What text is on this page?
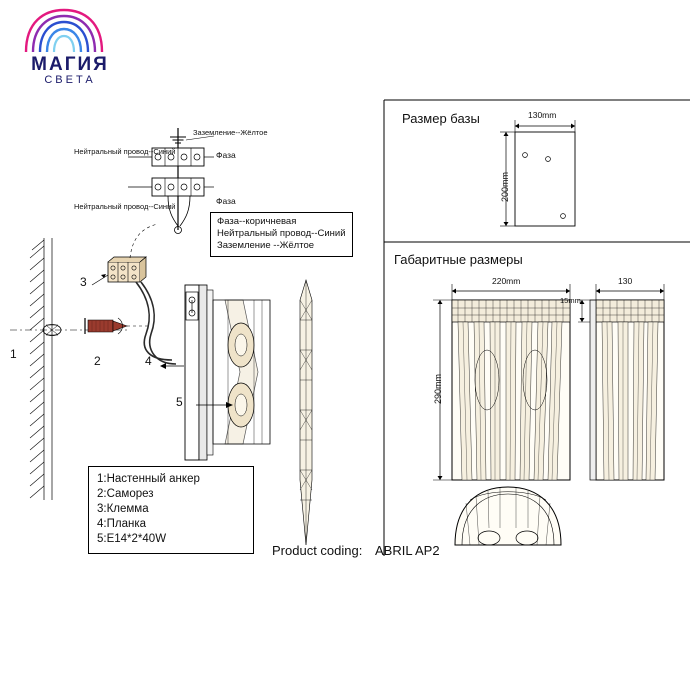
МАГИЯ
СВЕТА
Заземление--Жёлтое
Фаза
Фаза
Нейтральный провод--Синий
Нейтральный провод--Синий
Фаза--коричневая
Нейтральный провод--Синий
Заземление --Жёлтое
1	2
3
4
5
1:Настенный анкер
2:Саморез
3:Клемма
4:Планка
5:E14*2*40W
Product coding: ABRIL AP2
Размер базы	130mm
200mm
Габаритные размеры
220mm
290mm
130
15mm
